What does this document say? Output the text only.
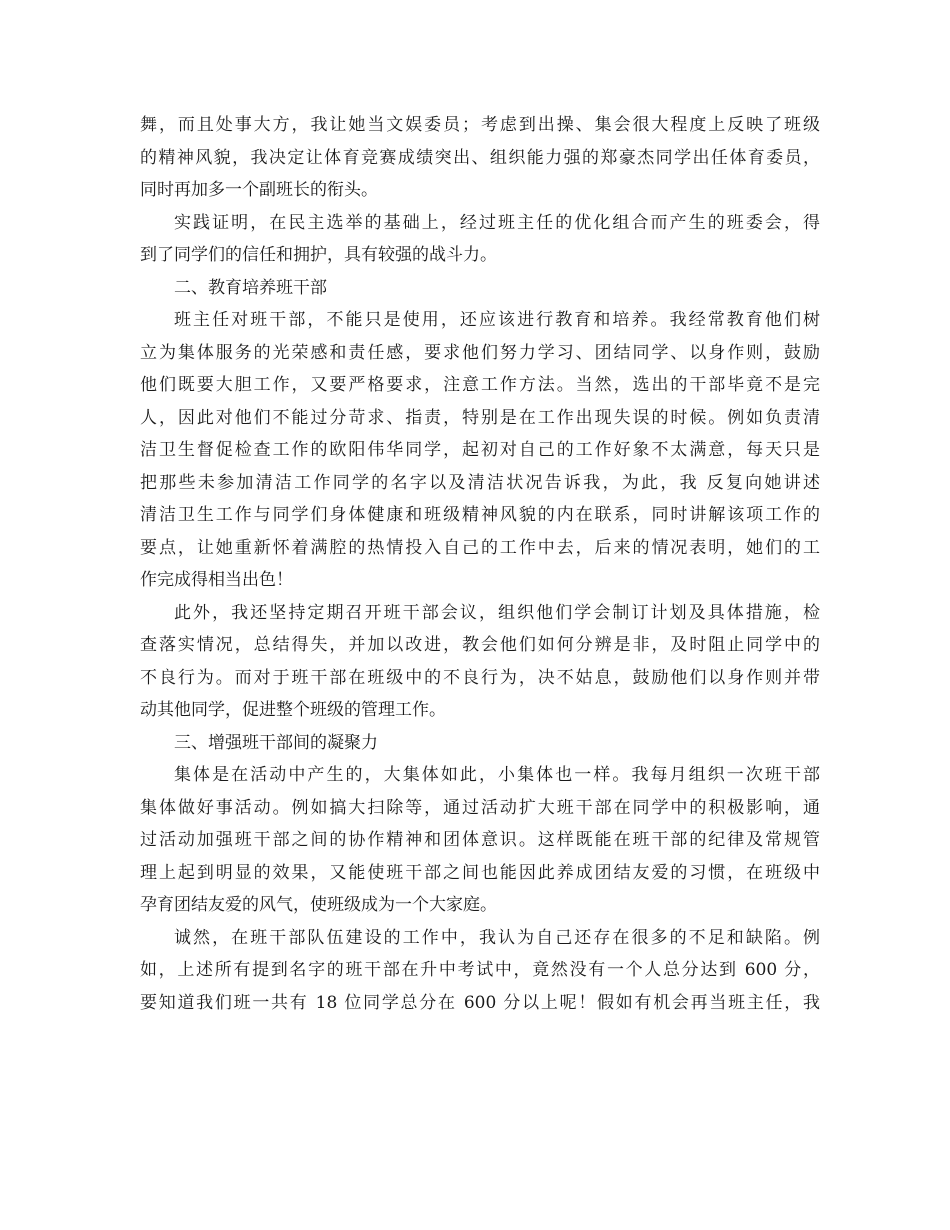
舞，而且处事大方，我让她当文娱委员；考虑到出操、集会很大程度上反映了班级
的精神风貌，我决定让体育竞赛成绩突出、组织能力强的郑豪杰同学出任体育委员，
同时再加多一个副班长的衔头。
实践证明，在民主选举的基础上，经过班主任的优化组合而产生的班委会，得
到了同学们的信任和拥护，具有较强的战斗力。
二、教育培养班干部
班主任对班干部，不能只是使用，还应该进行教育和培养。我经常教育他们树
立为集体服务的光荣感和责任感，要求他们努力学习、团结同学、以身作则，鼓励
他们既要大胆工作，又要严格要求，注意工作方法。当然，选出的干部毕竟不是完
人，因此对他们不能过分苛求、指责，特别是在工作出现失误的时候。例如负责清
洁卫生督促检查工作的欧阳伟华同学，起初对自己的工作好象不太满意，每天只是
把那些未参加清洁工作同学的名字以及清洁状况告诉我，为此，我 反复向她讲述
清洁卫生工作与同学们身体健康和班级精神风貌的内在联系，同时讲解该项工作的
要点，让她重新怀着满腔的热情投入自己的工作中去，后来的情况表明，她们的工
作完成得相当出色！
此外，我还坚持定期召开班干部会议，组织他们学会制订计划及具体措施，检
查落实情况，总结得失，并加以改进，教会他们如何分辨是非，及时阻止同学中的
不良行为。而对于班干部在班级中的不良行为，决不姑息，鼓励他们以身作则并带
动其他同学，促进整个班级的管理工作。
三、增强班干部间的凝聚力
集体是在活动中产生的，大集体如此，小集体也一样。我每月组织一次班干部
集体做好事活动。例如搞大扫除等，通过活动扩大班干部在同学中的积极影响，通
过活动加强班干部之间的协作精神和团体意识。这样既能在班干部的纪律及常规管
理上起到明显的效果，又能使班干部之间也能因此养成团结友爱的习惯，在班级中
孕育团结友爱的风气，使班级成为一个大家庭。
诚然，在班干部队伍建设的工作中，我认为自己还存在很多的不足和缺陷。例
如，上述所有提到名字的班干部在升中考试中，竟然没有一个人总分达到 600 分，
要知道我们班一共有 18 位同学总分在 600 分以上呢！假如有机会再当班主任，我
